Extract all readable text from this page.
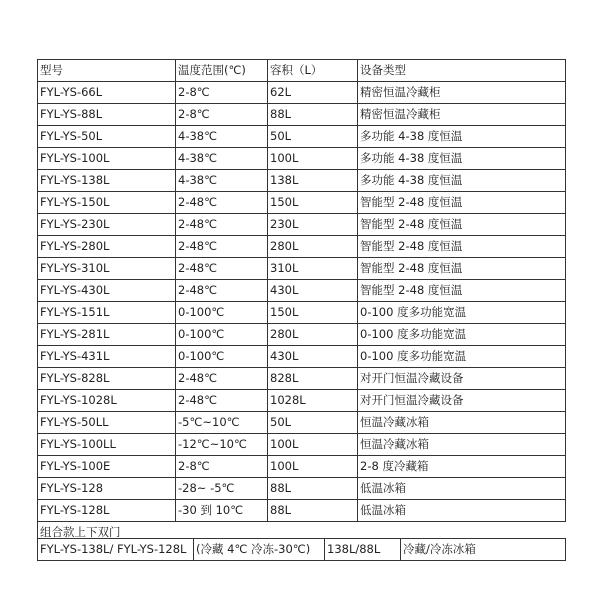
型号	温度范围(℃)	容积（L）	设备类型
FYL-YS-66L	2-8℃	62L	精密恒温冷藏柜
FYL-YS-88L	2-8℃	88L	精密恒温冷藏柜
FYL-YS-50L	4-38℃	50L	多功能 4-38 度恒温
FYL-YS-100L	4-38℃	100L	多功能 4-38 度恒温
FYL-YS-138L	4-38℃	138L	多功能 4-38 度恒温
FYL-YS-150L	2-48℃	150L	智能型 2-48 度恒温
FYL-YS-230L	2-48℃	230L	智能型 2-48 度恒温
FYL-YS-280L	2-48℃	280L	智能型 2-48 度恒温
FYL-YS-310L	2-48℃	310L	智能型 2-48 度恒温
FYL-YS-430L	2-48℃	430L	智能型 2-48 度恒温
FYL-YS-151L	0-100℃	150L	0-100 度多功能宽温
FYL-YS-281L	0-100℃	280L	0-100 度多功能宽温
FYL-YS-431L	0-100℃	430L	0-100 度多功能宽温
FYL-YS-828L	2-48℃	828L	对开门恒温冷藏设备
FYL-YS-1028L	2-48℃	1028L	对开门恒温冷藏设备
FYL-YS-50LL	-5℃~10℃	50L	恒温冷藏冰箱
FYL-YS-100LL	-12℃~10℃	100L	恒温冷藏冰箱
FYL-YS-100E	2-8℃	100L	2-8 度冷藏箱
FYL-YS-128	-28~ -5℃	88L	低温冰箱
FYL-YS-128L	-30 到 10℃	88L	低温冰箱
组合款上下双门			
FYL-YS-138L/ FYL-YS-128L	(冷藏 4℃ 冷冻-30℃)	138L/88L	冷藏/冷冻冰箱
